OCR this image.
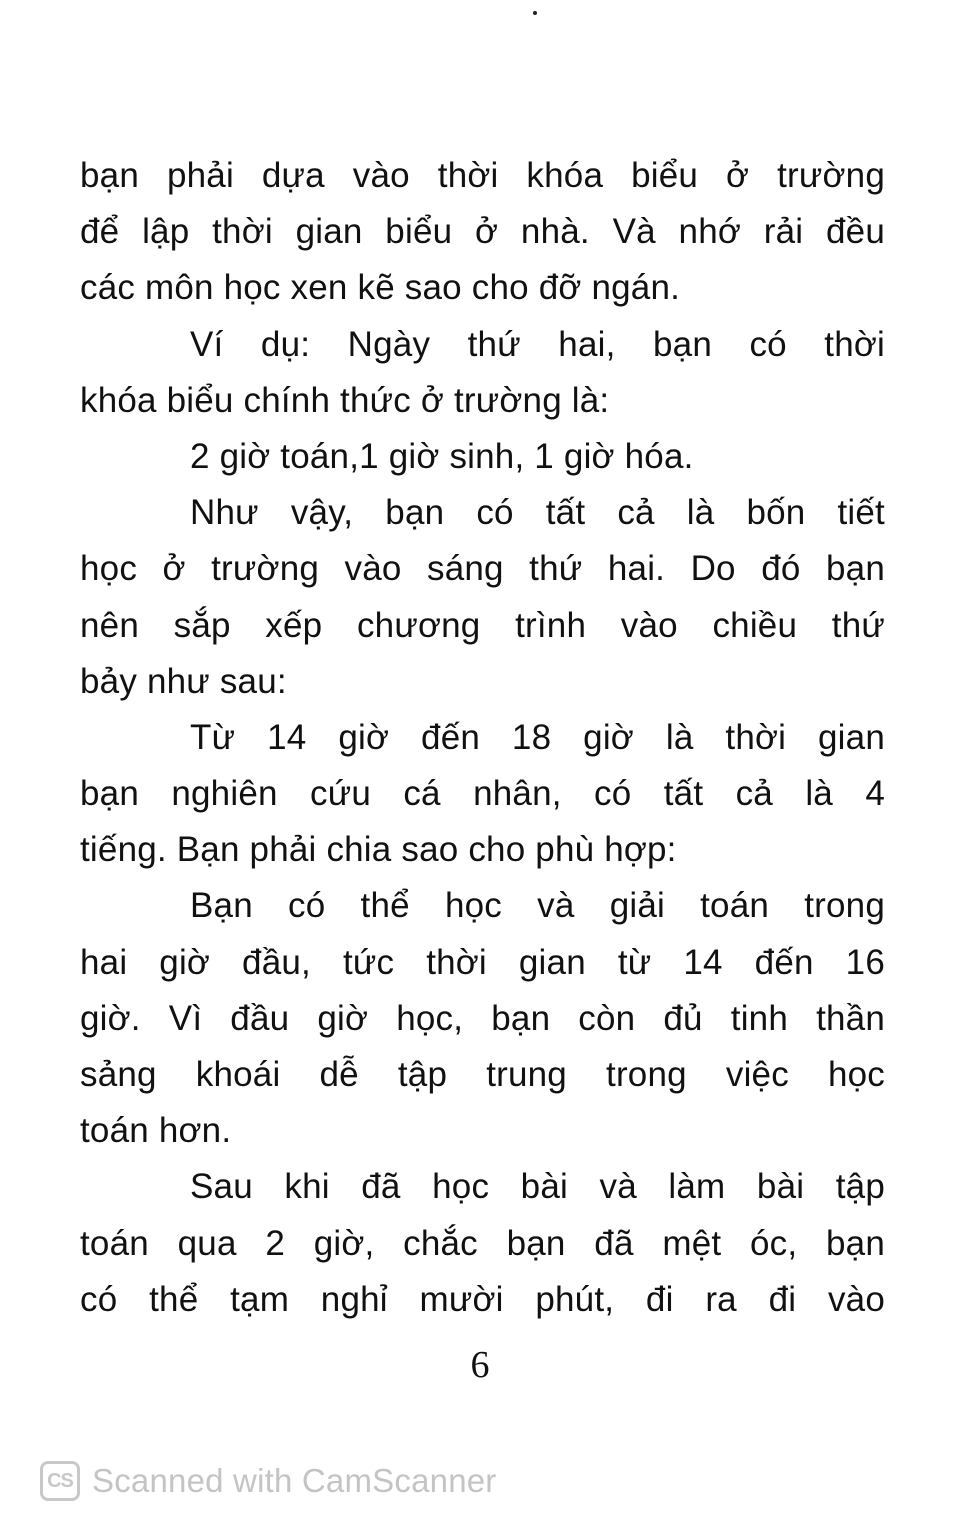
bạn phải dựa vào thời khóa biểu ở trường
để lập thời gian biểu ở nhà. Và nhớ rải đều
các môn học xen kẽ sao cho đỡ ngán.
Ví dụ: Ngày thứ hai, bạn có thời
khóa biểu chính thức ở trường là:
2 giờ toán,1 giờ sinh, 1 giờ hóa.
Như vậy, bạn có tất cả là bốn tiết
học ở trường vào sáng thứ hai. Do đó bạn
nên sắp xếp chương trình vào chiều thứ
bảy như sau:
Từ 14 giờ đến 18 giờ là thời gian
bạn nghiên cứu cá nhân, có tất cả là 4
tiếng. Bạn phải chia sao cho phù hợp:
Bạn có thể học và giải toán trong
hai giờ đầu, tức thời gian từ 14 đến 16
giờ. Vì đầu giờ học, bạn còn đủ tinh thần
sảng khoái dễ tập trung trong việc học
toán hơn.
Sau khi đã học bài và làm bài tập
toán qua 2 giờ, chắc bạn đã mệt óc, bạn
có thể tạm nghỉ mười phút, đi ra đi vào
6
CS Scanned with CamScanner
